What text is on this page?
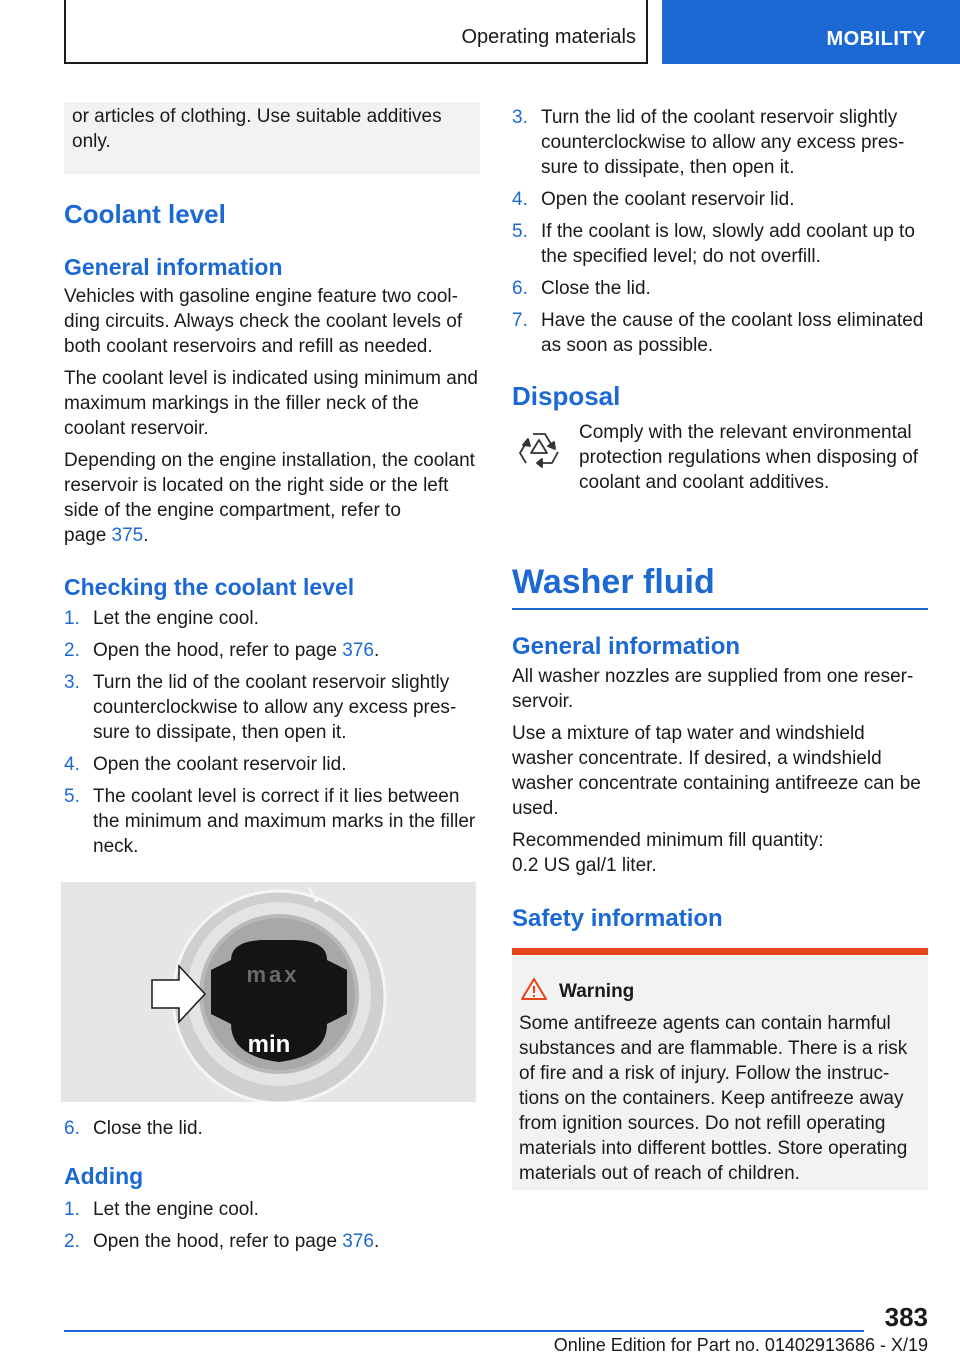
Operating materials	MOBILITY

or articles of clothing. Use suitable additives only.

Coolant level
General information

Vehicles with gasoline engine feature two coolding circuits. Always check the coolant levels of both coolant reservoirs and refill as needed.

The coolant level is indicated using minimum and maximum markings in the filler neck of the coolant reservoir.

Depending on the engine installation, the coolant reservoir is located on the right side or the left side of the engine compartment, refer to page 375.

Checking the coolant level
1. Let the engine cool.
2. Open the hood, refer to page 376.
3. Turn the lid of the coolant reservoir slightly counterclockwise to allow any excess pressure to dissipate, then open it.
4. Open the coolant reservoir lid.
5. The coolant level is correct if it lies between the minimum and maximum marks in the filler neck.
max
min
6. Close the lid.
Adding
1. Let the engine cool.
2. Open the hood, refer to page 376.
3. Turn the lid of the coolant reservoir slightly counterclockwise to allow any excess pressure to dissipate, then open it.
4. Open the coolant reservoir lid.
5. If the coolant is low, slowly add coolant up to the specified level; do not overfill.
6. Close the lid.
7. Have the cause of the coolant loss eliminated as soon as possible.
Disposal

Comply with the relevant environmental protection regulations when disposing of coolant and coolant additives.

Washer fluid
General information

All washer nozzles are supplied from one reserservoir.

Use a mixture of tap water and windshield washer concentrate. If desired, a windshield washer concentrate containing antifreeze can be used.

Recommended minimum fill quantity:
0.2 US gal/1 liter.

Safety information
Warning

Some antifreeze agents can contain harmful substances and are flammable. There is a risk of fire and a risk of injury. Follow the instructions on the containers. Keep antifreeze away from ignition sources. Do not refill operating materials into different bottles. Store operating materials out of reach of children.

383
Online Edition for Part no. 01402913686 - X/19
